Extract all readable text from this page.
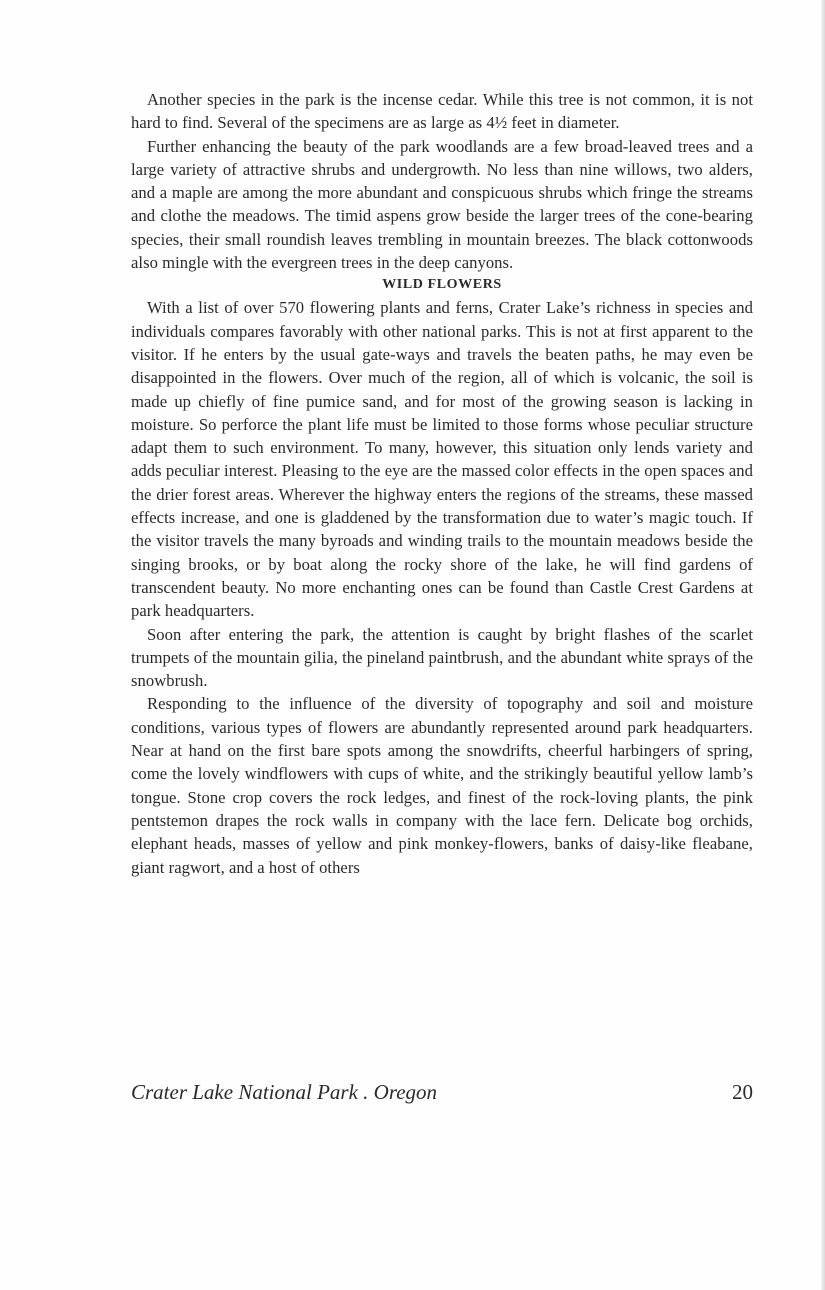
Another species in the park is the incense cedar. While this tree is not common, it is not hard to find. Several of the specimens are as large as 4½ feet in diameter.

Further enhancing the beauty of the park woodlands are a few broad-leaved trees and a large variety of attractive shrubs and undergrowth. No less than nine willows, two alders, and a maple are among the more abundant and conspicuous shrubs which fringe the streams and clothe the meadows. The timid aspens grow beside the larger trees of the cone-bearing species, their small roundish leaves trembling in mountain breezes. The black cottonwoods also mingle with the evergreen trees in the deep canyons.

WILD FLOWERS

With a list of over 570 flowering plants and ferns, Crater Lake’s richness in species and individuals compares favorably with other national parks. This is not at first apparent to the visitor. If he enters by the usual gate-ways and travels the beaten paths, he may even be disappointed in the flowers. Over much of the region, all of which is volcanic, the soil is made up chiefly of fine pumice sand, and for most of the growing season is lacking in moisture. So perforce the plant life must be limited to those forms whose peculiar structure adapt them to such environment. To many, however, this situation only lends variety and adds peculiar interest. Pleasing to the eye are the massed color effects in the open spaces and the drier forest areas. Wherever the highway enters the regions of the streams, these massed effects increase, and one is gladdened by the transformation due to water’s magic touch. If the visitor travels the many byroads and winding trails to the mountain meadows beside the singing brooks, or by boat along the rocky shore of the lake, he will find gardens of transcendent beauty. No more enchanting ones can be found than Castle Crest Gardens at park headquarters.

Soon after entering the park, the attention is caught by bright flashes of the scarlet trumpets of the mountain gilia, the pineland paintbrush, and the abundant white sprays of the snowbrush.

Responding to the influence of the diversity of topography and soil and moisture conditions, various types of flowers are abundantly represented around park headquarters. Near at hand on the first bare spots among the snowdrifts, cheerful harbingers of spring, come the lovely windflowers with cups of white, and the strikingly beautiful yellow lamb’s tongue. Stone crop covers the rock ledges, and finest of the rock-loving plants, the pink pentstemon drapes the rock walls in company with the lace fern. Delicate bog orchids, elephant heads, masses of yellow and pink monkey-flowers, banks of daisy-like fleabane, giant ragwort, and a host of others

Crater Lake National Park . Oregon	20
